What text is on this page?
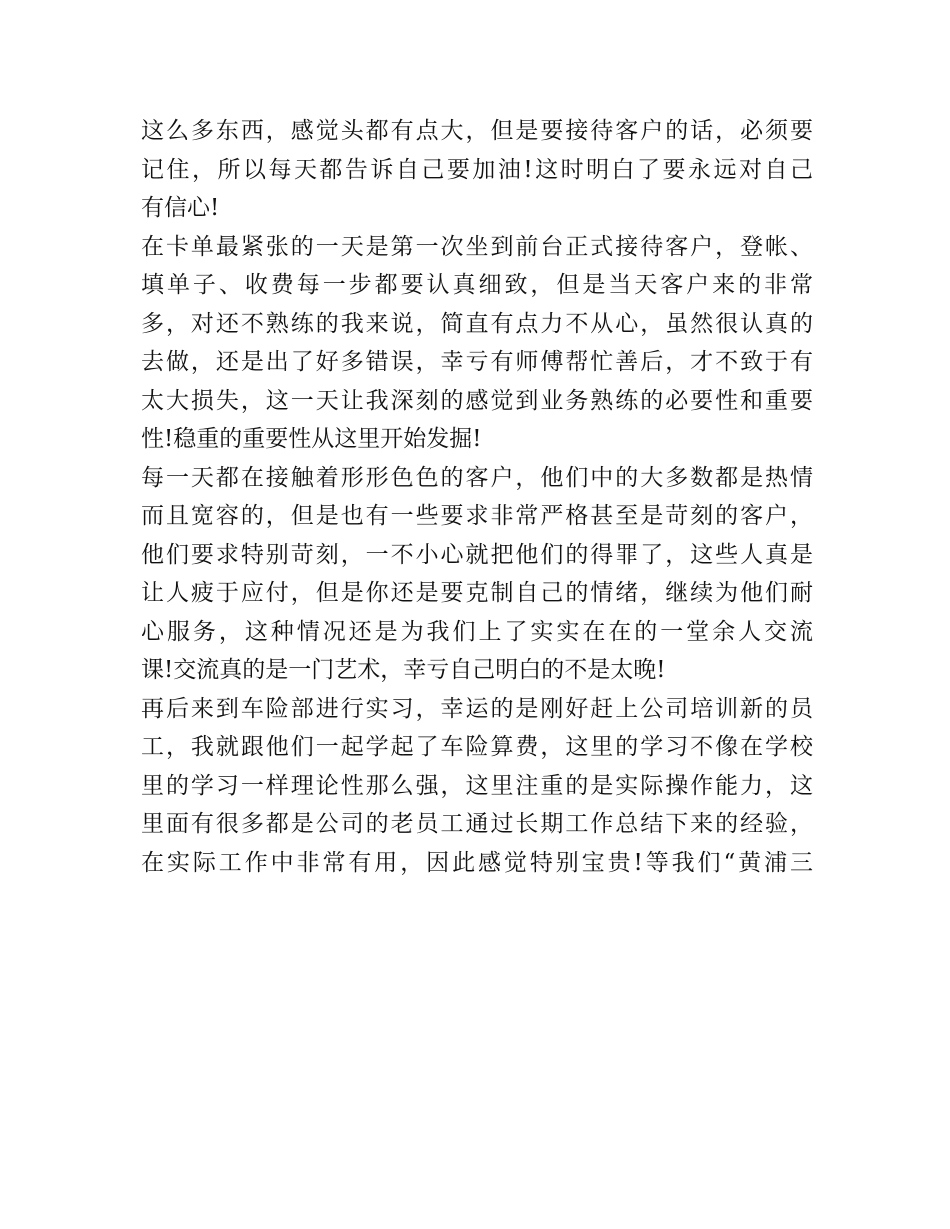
这么多东西，感觉头都有点大，但是要接待客户的话，必须要
记住，所以每天都告诉自己要加油!这时明白了要永远对自己
有信心!
在卡单最紧张的一天是第一次坐到前台正式接待客户，登帐、
填单子、收费每一步都要认真细致，但是当天客户来的非常
多，对还不熟练的我来说，简直有点力不从心，虽然很认真的
去做，还是出了好多错误，幸亏有师傅帮忙善后，才不致于有
太大损失，这一天让我深刻的感觉到业务熟练的必要性和重要
性!稳重的重要性从这里开始发掘!
每一天都在接触着形形色色的客户，他们中的大多数都是热情
而且宽容的，但是也有一些要求非常严格甚至是苛刻的客户，
他们要求特别苛刻，一不小心就把他们的得罪了，这些人真是
让人疲于应付，但是你还是要克制自己的情绪，继续为他们耐
心服务，这种情况还是为我们上了实实在在的一堂余人交流
课!交流真的是一门艺术，幸亏自己明白的不是太晚!
再后来到车险部进行实习，幸运的是刚好赶上公司培训新的员
工，我就跟他们一起学起了车险算费，这里的学习不像在学校
里的学习一样理论性那么强，这里注重的是实际操作能力，这
里面有很多都是公司的老员工通过长期工作总结下来的经验，
在实际工作中非常有用，因此感觉特别宝贵!等我们“黄浦三
